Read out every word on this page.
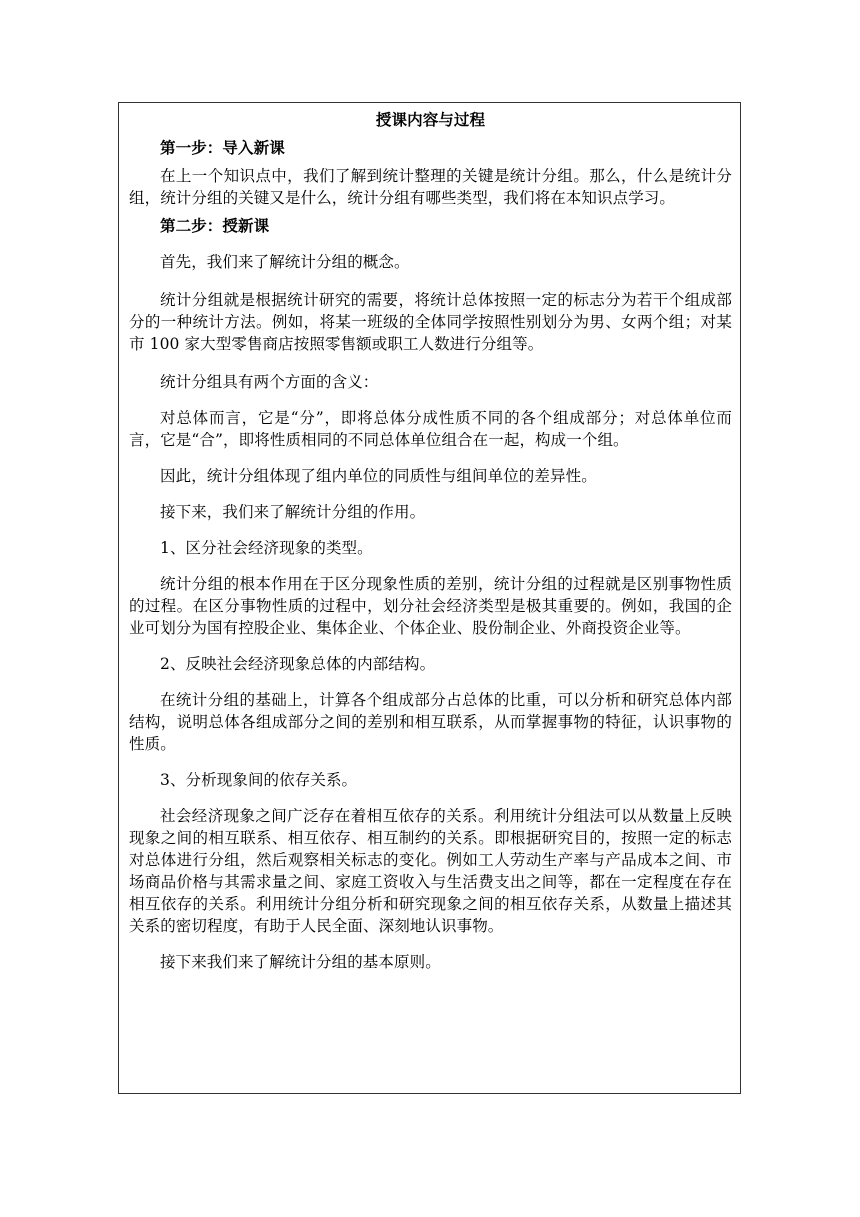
授课内容与过程
第一步：导入新课
在上一个知识点中，我们了解到统计整理的关键是统计分组。那么，什么是统计分组，统计分组的关键又是什么，统计分组有哪些类型，我们将在本知识点学习。
第二步：授新课
首先，我们来了解统计分组的概念。
统计分组就是根据统计研究的需要，将统计总体按照一定的标志分为若干个组成部分的一种统计方法。例如，将某一班级的全体同学按照性别划分为男、女两个组；对某市 100 家大型零售商店按照零售额或职工人数进行分组等。
统计分组具有两个方面的含义：
对总体而言，它是“分”，即将总体分成性质不同的各个组成部分；对总体单位而言，它是“合”，即将性质相同的不同总体单位组合在一起，构成一个组。
因此，统计分组体现了组内单位的同质性与组间单位的差异性。
接下来，我们来了解统计分组的作用。
1、区分社会经济现象的类型。
统计分组的根本作用在于区分现象性质的差别，统计分组的过程就是区别事物性质的过程。在区分事物性质的过程中，划分社会经济类型是极其重要的。例如，我国的企业可划分为国有控股企业、集体企业、个体企业、股份制企业、外商投资企业等。
2、反映社会经济现象总体的内部结构。
在统计分组的基础上，计算各个组成部分占总体的比重，可以分析和研究总体内部结构，说明总体各组成部分之间的差别和相互联系，从而掌握事物的特征，认识事物的性质。
3、分析现象间的依存关系。
社会经济现象之间广泛存在着相互依存的关系。利用统计分组法可以从数量上反映现象之间的相互联系、相互依存、相互制约的关系。即根据研究目的，按照一定的标志对总体进行分组，然后观察相关标志的变化。例如工人劳动生产率与产品成本之间、市场商品价格与其需求量之间、家庭工资收入与生活费支出之间等，都在一定程度在存在相互依存的关系。利用统计分组分析和研究现象之间的相互依存关系，从数量上描述其关系的密切程度，有助于人民全面、深刻地认识事物。
接下来我们来了解统计分组的基本原则。
